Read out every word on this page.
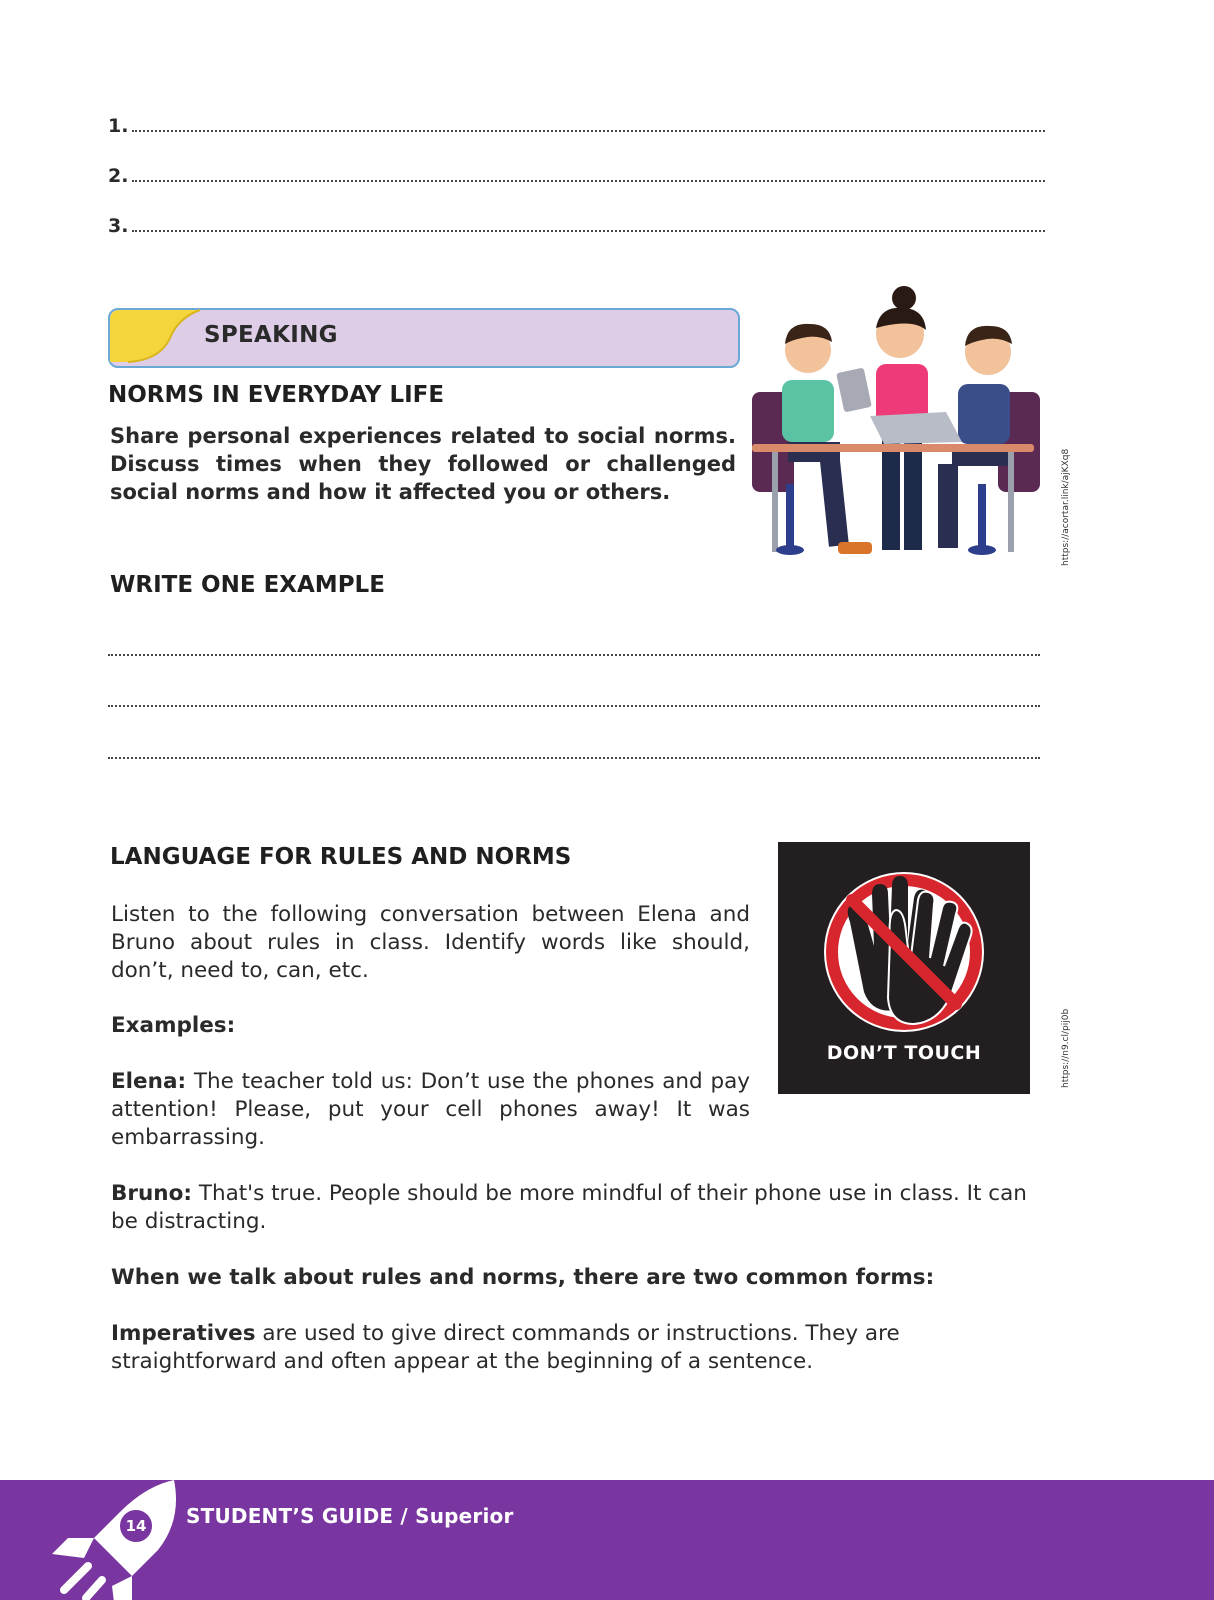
1.
2.
3.
SPEAKING
NORMS IN EVERYDAY LIFE
Share personal experiences related to social norms. Discuss times when they followed or challenged social norms and how it affected you or others.	https://acortar.link/ajKXq8
WRITE ONE EXAMPLE
LANGUAGE FOR RULES AND NORMS
Listen to the following conversation between Elena and Bruno about rules in class. Identify words like should, don’t, need to, can, etc.
Examples:
Elena: The teacher told us: Don’t use the phones and pay attention! Please, put your cell phones away! It was embarrassing.
Bruno: That's true. People should be more mindful of their phone use in class. It can be distracting.
When we talk about rules and norms, there are two common forms:
Imperatives are used to give direct commands or instructions. They are straightforward and often appear at the beginning of a sentence.
DON’T TOUCH	https://n9.cl/pij0b
14	STUDENT’S GUIDE / Superior
